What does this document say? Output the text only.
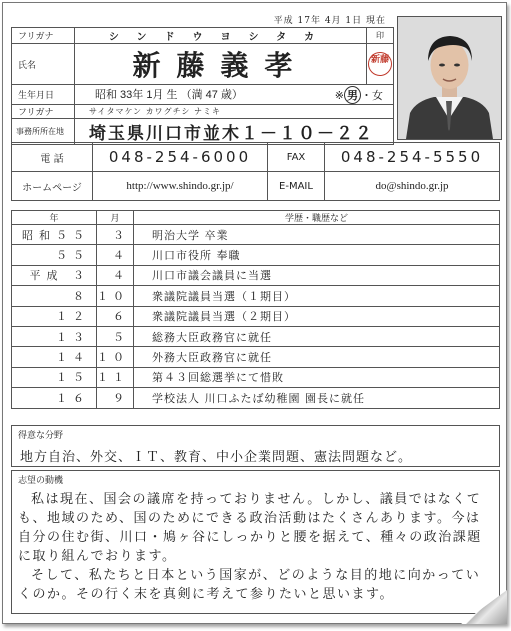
平成 17年 4月 1日 現在
フリガナ	シンドウヨシタカ	印
氏名	新藤義孝	新藤

生年月日	昭和 33年 1月 生 （満 47 歳） ※ 男 ・女	

フリガナ	サイタマケン カワグチシ ナミキ	
事務所所在地	埼玉県川口市並木１－１０－２２	
電 話	048-254-6000	FAX	048-254-5550
ホームページ	http://www.shindo.gr.jp/	E-MAIL	do@shindo.gr.jp
年	月	学歴・職歴など
昭和５５	３	明治大学 卒業
５５	４	川口市役所 奉職
平成 ３	４	川口市議会議員に当選
８	１０	衆議院議員当選（１期目）
１２	６	衆議院議員当選（２期目）
１３	５	総務大臣政務官に就任
１４	１０	外務大臣政務官に就任
１５	１１	第４３回総選挙にて惜敗
１６	９	学校法人 川口ふたば幼稚園 園長に就任
得意な分野
地方自治、外交、ＩＴ、教育、中小企業問題、憲法問題など。
志望の動機

私は現在、国会の議席を持っておりません。しかし、議員ではなくても、地域のため、国のためにできる政治活動はたくさんあります。今は自分の住む街、川口・鳩ヶ谷にしっかりと腰を据えて、種々の政治課題に取り組んでおります。

そして、私たちと日本という国家が、どのような目的地に向かっていくのか。その行く末を真剣に考えて参りたいと思います。
